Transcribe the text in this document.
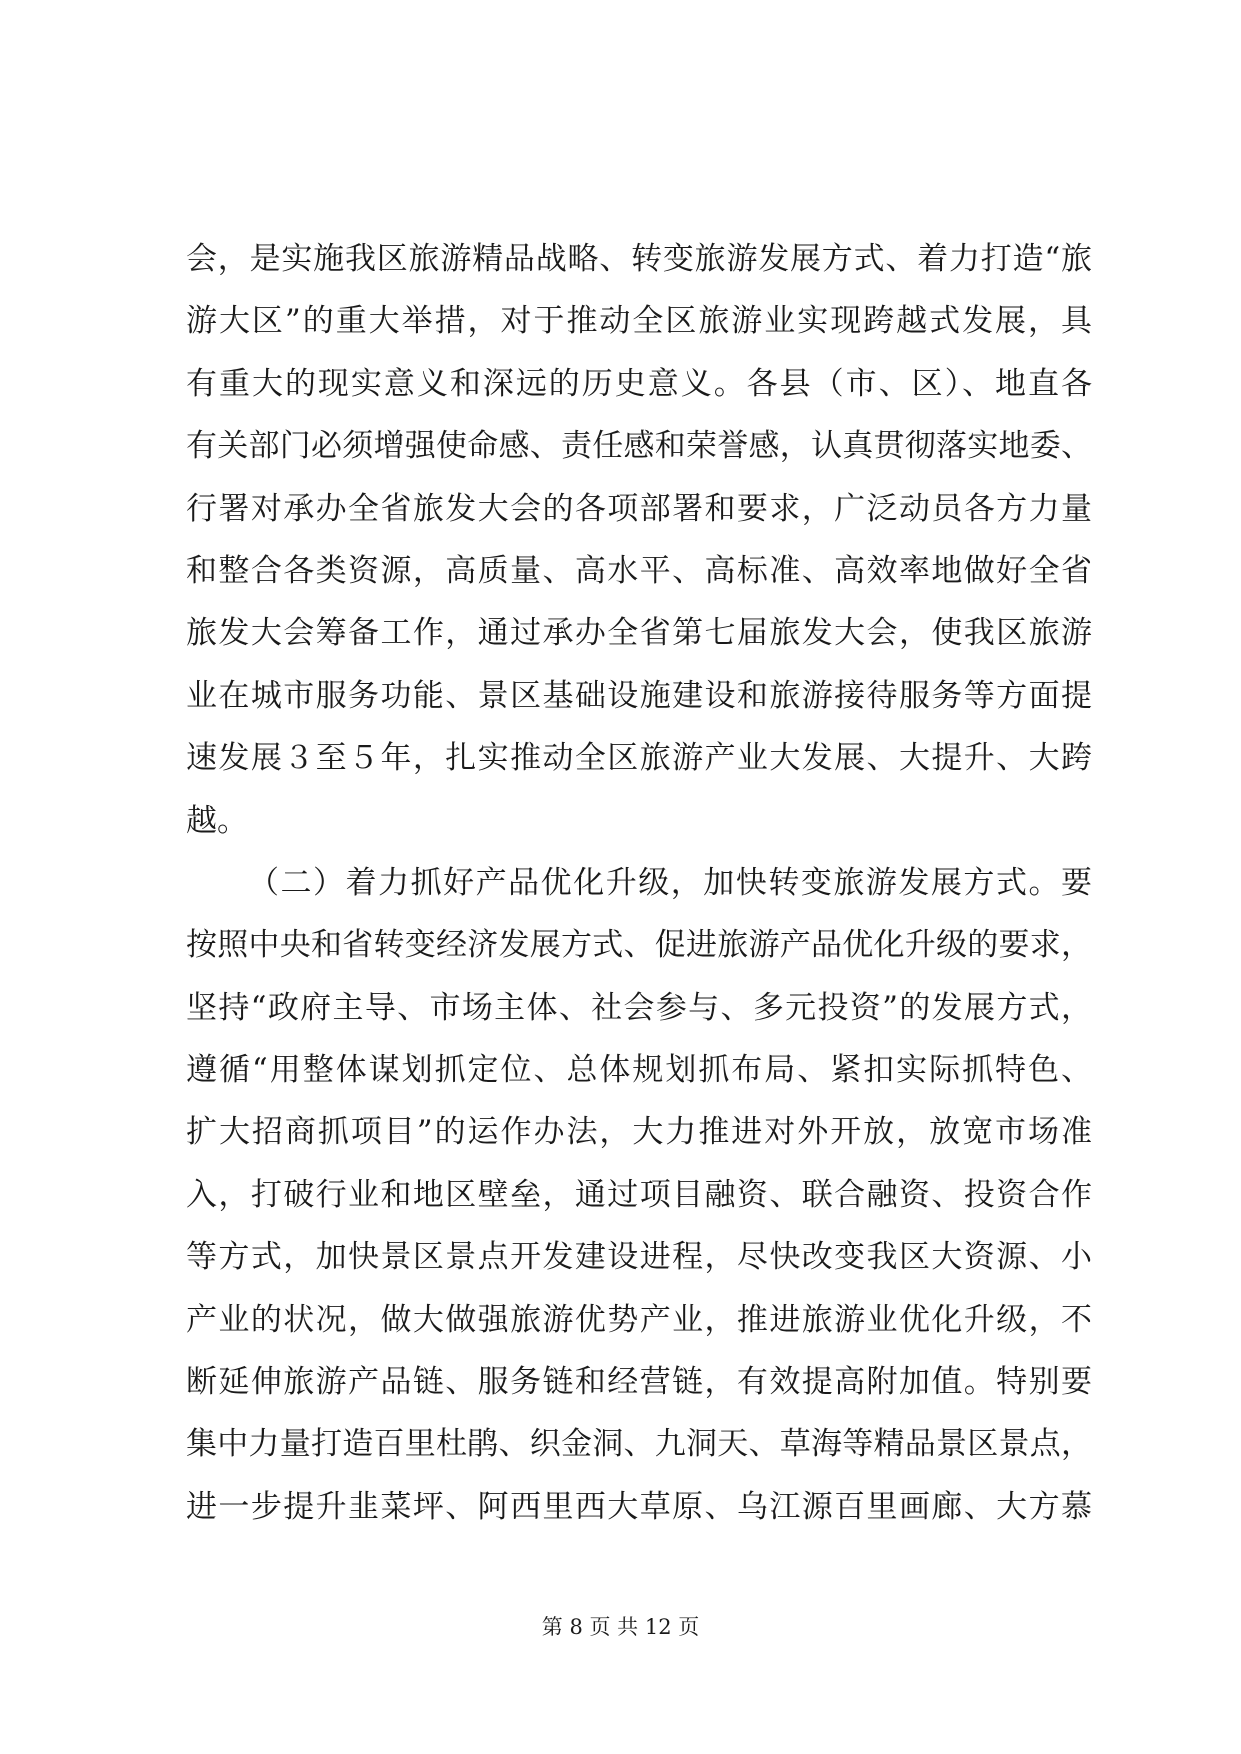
会，是实施我区旅游精品战略、转变旅游发展方式、着力打造“旅
游大区”的重大举措，对于推动全区旅游业实现跨越式发展，具
有重大的现实意义和深远的历史意义。各县（市、区）、地直各
有关部门必须增强使命感、责任感和荣誉感，认真贯彻落实地委、
行署对承办全省旅发大会的各项部署和要求，广泛动员各方力量
和整合各类资源，高质量、高水平、高标准、高效率地做好全省
旅发大会筹备工作，通过承办全省第七届旅发大会，使我区旅游
业在城市服务功能、景区基础设施建设和旅游接待服务等方面提
速发展３至５年，扎实推动全区旅游产业大发展、大提升、大跨
越。
（二）着力抓好产品优化升级，加快转变旅游发展方式。要
按照中央和省转变经济发展方式、促进旅游产品优化升级的要求，
坚持“政府主导、市场主体、社会参与、多元投资”的发展方式，
遵循“用整体谋划抓定位、总体规划抓布局、紧扣实际抓特色、
扩大招商抓项目”的运作办法，大力推进对外开放，放宽市场准
入，打破行业和地区壁垒，通过项目融资、联合融资、投资合作
等方式，加快景区景点开发建设进程，尽快改变我区大资源、小
产业的状况，做大做强旅游优势产业，推进旅游业优化升级，不
断延伸旅游产品链、服务链和经营链，有效提高附加值。特别要
集中力量打造百里杜鹃、织金洞、九洞天、草海等精品景区景点，
进一步提升韭菜坪、阿西里西大草原、乌江源百里画廊、大方慕
第 8 页 共 12 页
